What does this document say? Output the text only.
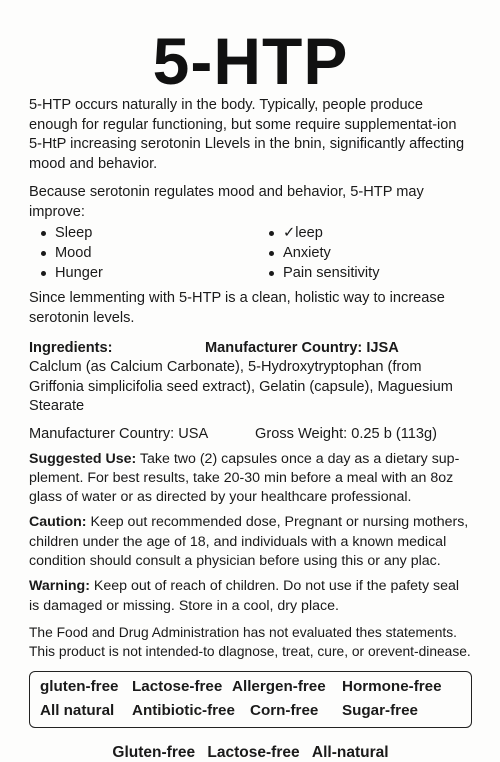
5-HTP

5-HTP occurs naturally in the body. Typically, people produce enough for regular functioning, but some require supplementat-ion 5-HtP increasing serotonin Llevels in the bnin, significantly affecting mood and behavior.

Because serotonin regulates mood and behavior, 5-HTP may improve:

Sleep	✓leep
Mood	Anxiety
Hunger	Pain sensitivity

Since lemmenting with 5-HTP is a clean, holistic way to increase serotonin levels.

Ingredients:	Manufacturer Country: IJSA

Calclum (as Calcium Carbonate), 5-Hydroxytryptophan (from Griffonia simplicifolia seed extract), Gelatin (capsule), Maguesium Stearate

Manufacturer Country: USA	Gross Weight: 0.25 b (113g)

Suggested Use: Take two (2) capsules once a day as a dietary sup-plement. For best results, take 20-30 min before a meal with an 8oz glass of water or as directed by your healthcare professional.

Caution: Keep out recommended dose, Pregnant or nursing mothers, children under the age of 18, and individuals with a known medical condition should consult a physician before using this or any plac.

Warning: Keep out of reach of children. Do not use if the pafety seal is damaged or missing. Store in a cool, dry place.

The Food and Drug Administration has not evaluated thes statements. This product is not intended-to dlagnose, treat, cure, or orevent-dinease.

gluten-free Lactose-free Allergen-free	Hormone-free
All natural	Antibiotic-free Corn-free	Sugar-free
Gluten-free Lactose-free All-natural
